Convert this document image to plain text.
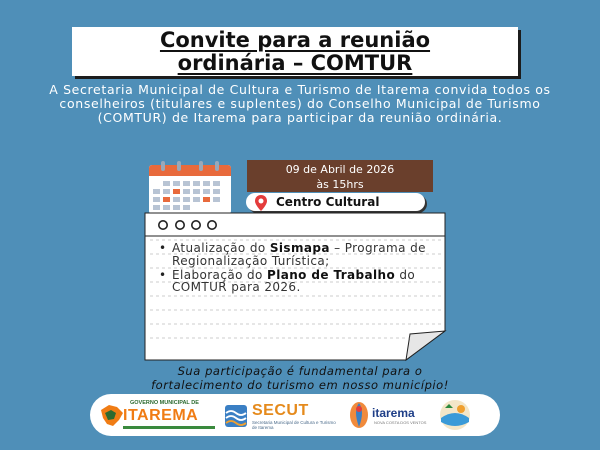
Convite para a reunião
ordinária – COMTUR
A Secretaria Municipal de Cultura e Turismo de Itarema convida todos os conselheiros (titulares e suplentes) do Conselho Municipal de Turismo (COMTUR) de Itarema para participar da reunião ordinária.
09 de Abril de 2026
às 15hrs
Centro Cultural
• Atualização do Sismapa – Programa de Regionalização Turística;
• Elaboração do Plano de Trabalho do COMTUR para 2026.
Sua participação é fundamental para o
fortalecimento do turismo em nosso município!
GOVERNO MUNICIPAL DE
ITAREMA	SECUT
Secretaria Municipal de Cultura e Turismo de Itarema
itarema
NOVA COSTA DOS VENTOS
